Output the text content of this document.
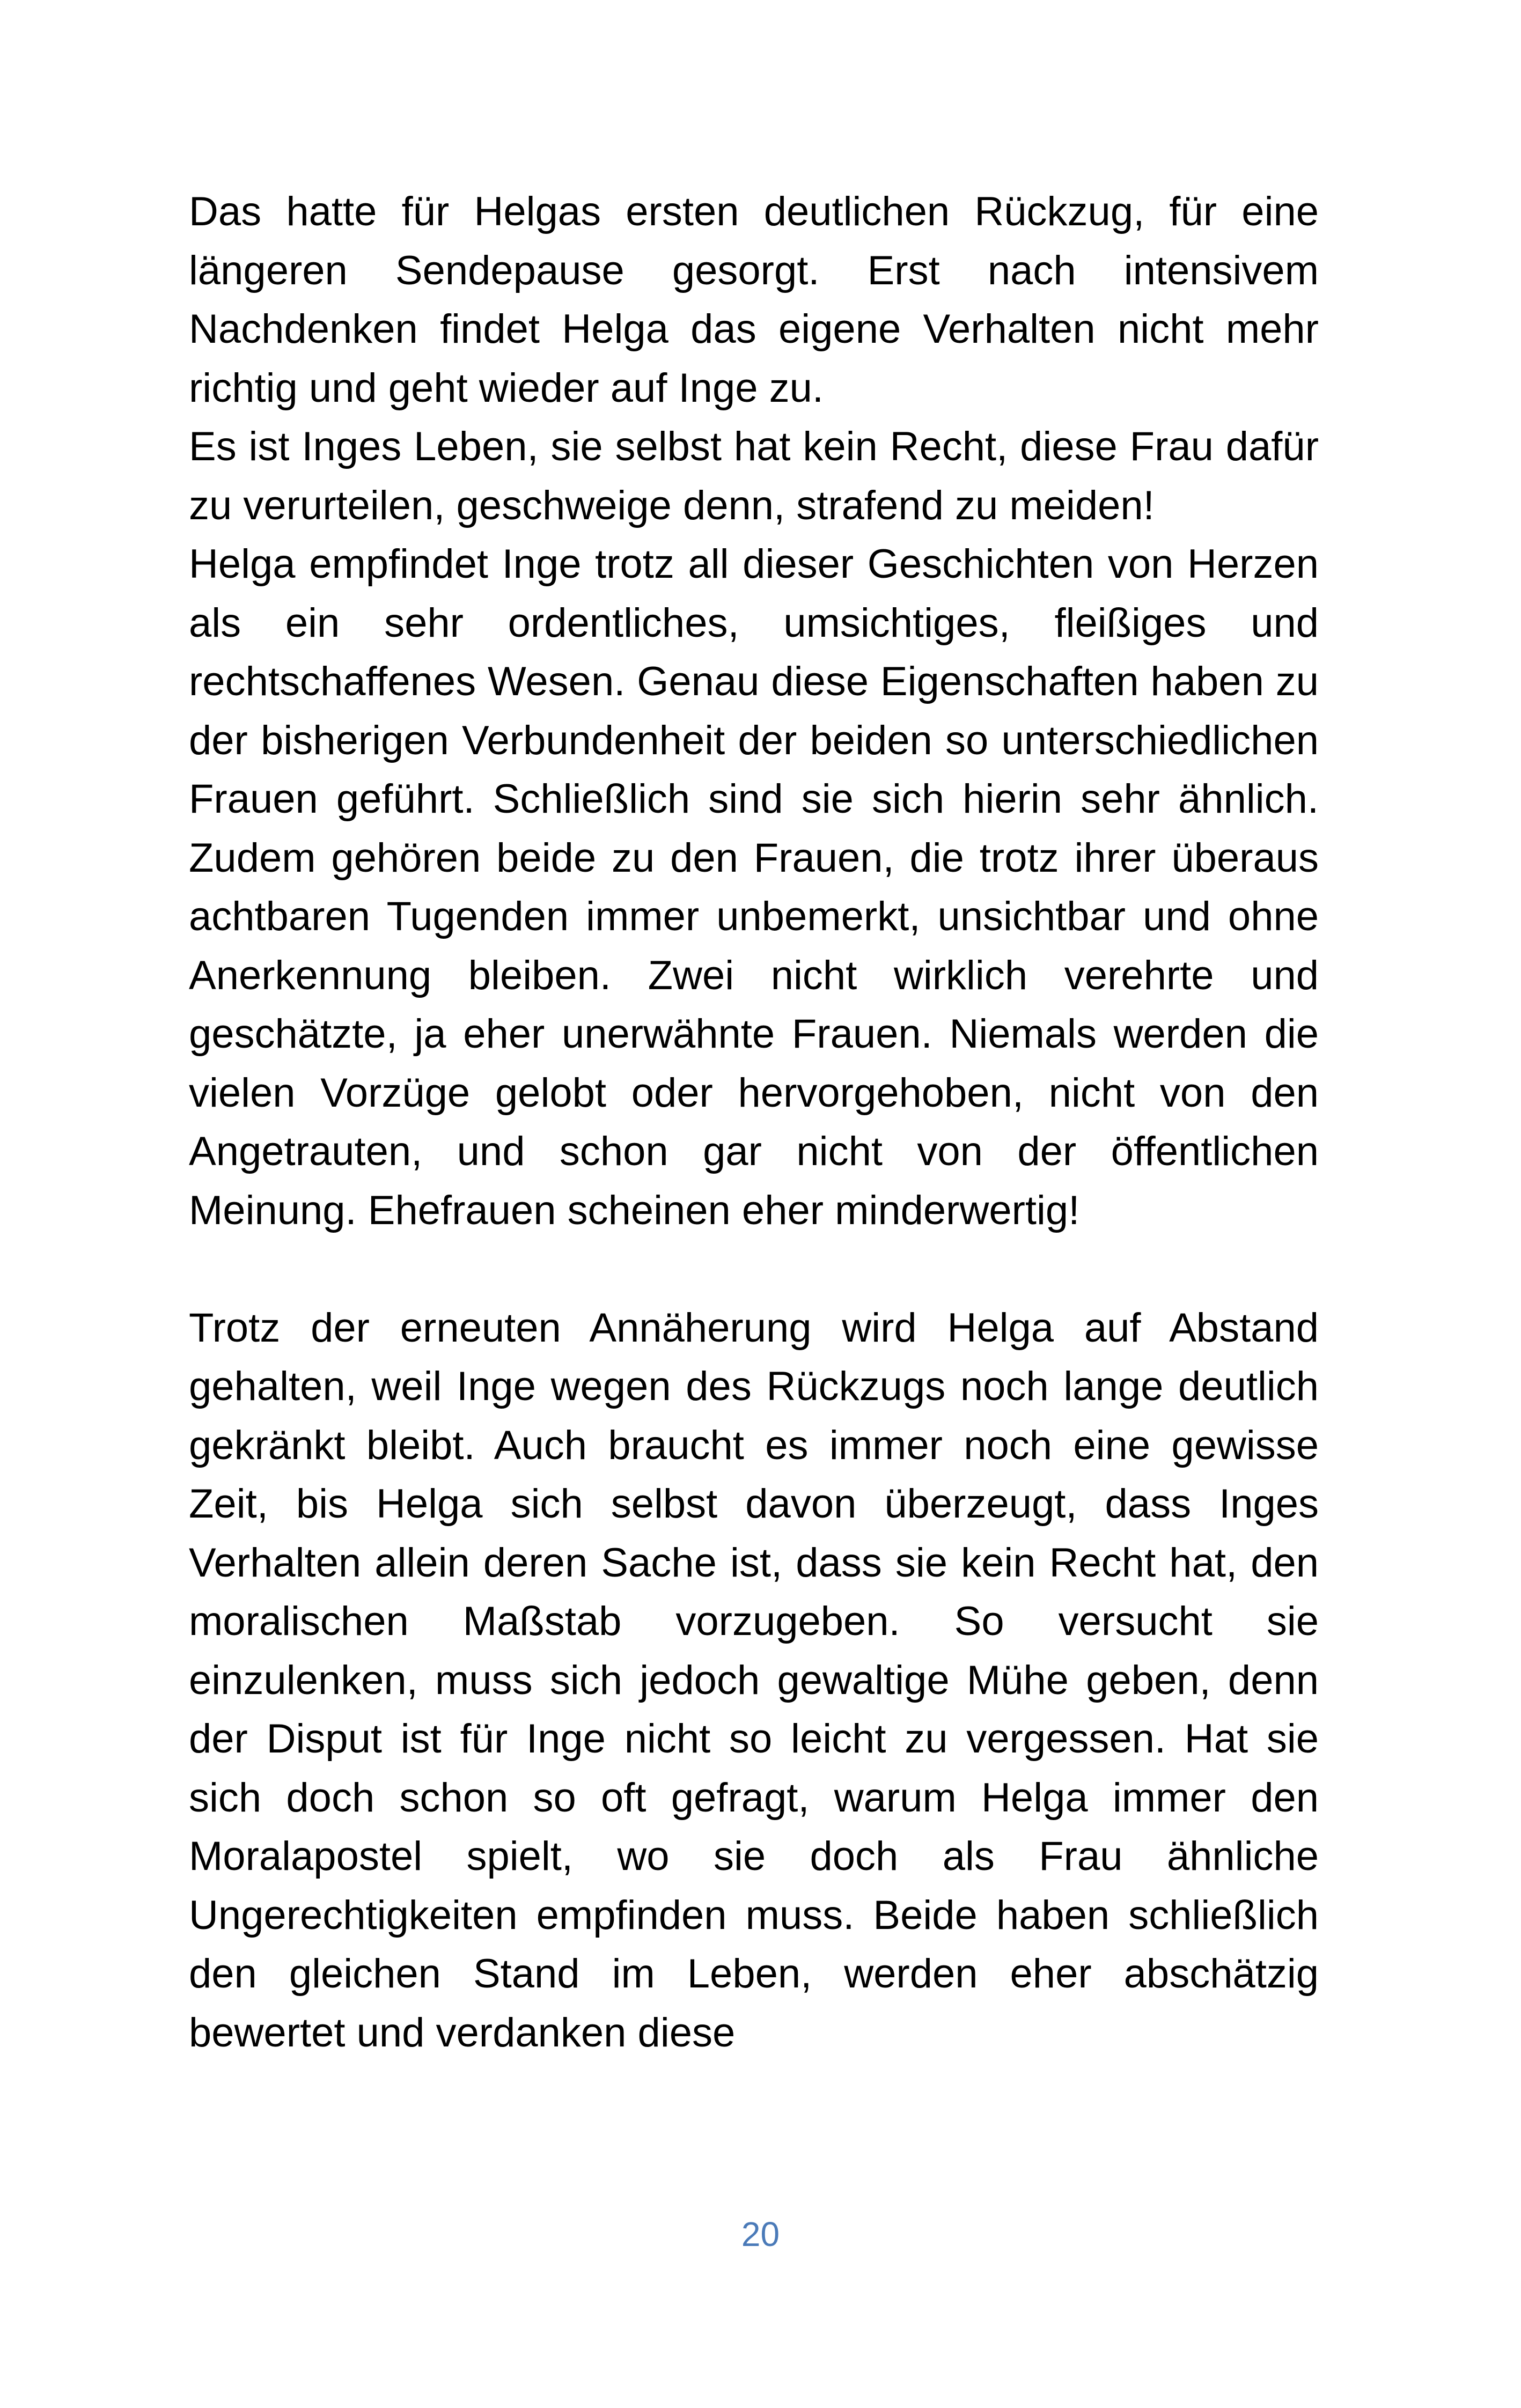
Das hatte für Helgas ersten deutlichen Rückzug, für eine längeren Sendepause gesorgt. Erst nach intensivem Nachdenken findet Helga das eigene Verhalten nicht mehr richtig und geht wieder auf Inge zu.

Es ist Inges Leben, sie selbst hat kein Recht, diese Frau dafür zu verurteilen, geschweige denn, strafend zu meiden!

Helga empfindet Inge trotz all dieser Geschichten von Herzen als ein sehr ordentliches, umsichtiges, fleißiges und rechtschaffenes Wesen. Genau diese Eigenschaften haben zu der bisherigen Verbundenheit der beiden so unterschiedlichen Frauen geführt. Schließlich sind sie sich hierin sehr ähnlich. Zudem gehören beide zu den Frauen, die trotz ihrer überaus achtbaren Tugenden immer unbemerkt, unsichtbar und ohne Anerkennung bleiben. Zwei nicht wirklich verehrte und geschätzte, ja eher unerwähnte Frauen. Niemals werden die vielen Vorzüge gelobt oder hervorgehoben, nicht von den Angetrauten, und schon gar nicht von der öffentlichen Meinung. Ehefrauen scheinen eher minderwertig!

Trotz der erneuten Annäherung wird Helga auf Abstand gehalten, weil Inge wegen des Rückzugs noch lange deutlich gekränkt bleibt. Auch braucht es immer noch eine gewisse Zeit, bis Helga sich selbst davon überzeugt, dass Inges Verhalten allein deren Sache ist, dass sie kein Recht hat, den moralischen Maßstab vorzugeben. So versucht sie einzulenken, muss sich jedoch gewaltige Mühe geben, denn der Disput ist für Inge nicht so leicht zu vergessen. Hat sie sich doch schon so oft gefragt, warum Helga immer den Moralapostel spielt, wo sie doch als Frau ähnliche Ungerechtigkeiten empfinden muss. Beide haben schließlich den gleichen Stand im Leben, werden eher abschätzig bewertet und verdanken diese

20
